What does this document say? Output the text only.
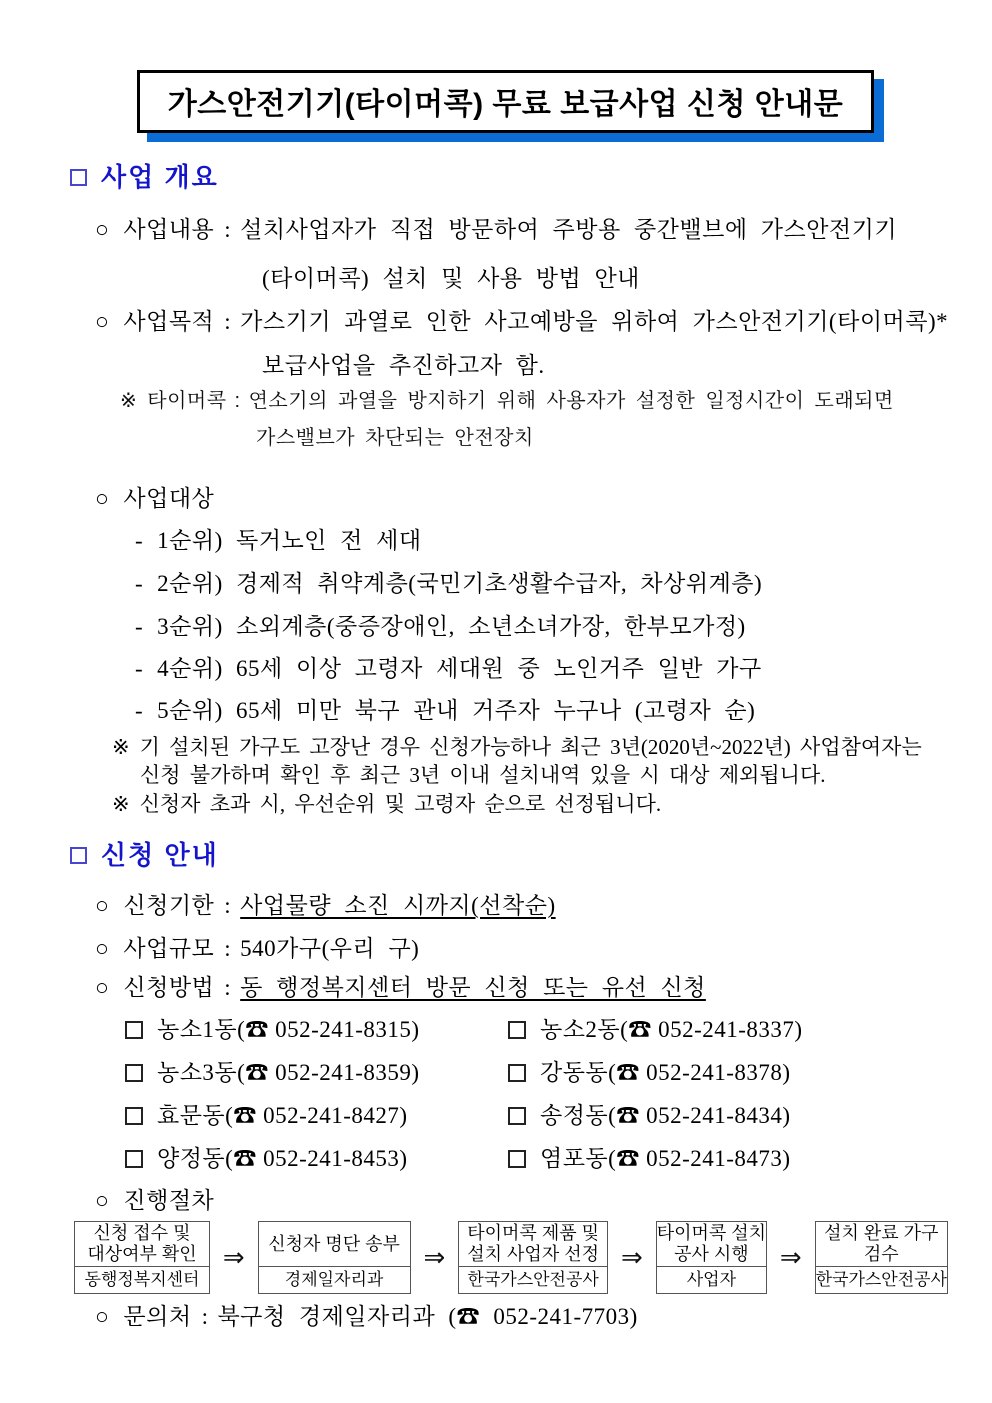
가스안전기기(타이머콕) 무료 보급사업 신청 안내문
사업 개요
○ 사업내용 : 설치사업자가 직접 방문하여 주방용 중간밸브에 가스안전기기
(타이머콕) 설치 및 사용 방법 안내
○ 사업목적 : 가스기기 과열로 인한 사고예방을 위하여 가스안전기기(타이머콕)*
보급사업을 추진하고자 함.
※ 타이머콕 : 연소기의 과열을 방지하기 위해 사용자가 설정한 일정시간이 도래되면
가스밸브가 차단되는 안전장치
○ 사업대상
- 1순위) 독거노인 전 세대
- 2순위) 경제적 취약계층(국민기초생활수급자, 차상위계층)
- 3순위) 소외계층(중증장애인, 소년소녀가장, 한부모가정)
- 4순위) 65세 이상 고령자 세대원 중 노인거주 일반 가구
- 5순위) 65세 미만 북구 관내 거주자 누구나 (고령자 순)
※ 기 설치된 가구도 고장난 경우 신청가능하나 최근 3년(2020년~2022년) 사업참여자는
신청 불가하며 확인 후 최근 3년 이내 설치내역 있을 시 대상 제외됩니다.
※ 신청자 초과 시, 우선순위 및 고령자 순으로 선정됩니다.
신청 안내
○ 신청기한 : 사업물량 소진 시까지(선착순)
○ 사업규모 : 540가구(우리 구)
○ 신청방법 : 동 행정복지센터 방문 신청 또는 유선 신청
농소1동(☎ 052-241-8315)	농소2동(☎ 052-241-8337)
농소3동(☎ 052-241-8359)	강동동(☎ 052-241-8378)
효문동(☎ 052-241-8427)	송정동(☎ 052-241-8434)
양정동(☎ 052-241-8453)	염포동(☎ 052-241-8473)
○ 진행절차
신청 접수 및
대상여부 확인
동행정복지센터
⇒	신청자 명단 송부
경제일자리과
⇒
타이머콕 제품 및
설치 사업자 선정
한국가스안전공사
⇒
타이머콕 설치
공사 시행
사업자
⇒
설치 완료 가구
검수
한국가스안전공사
○ 문의처 : 북구청 경제일자리과 (☎ 052-241-7703)
